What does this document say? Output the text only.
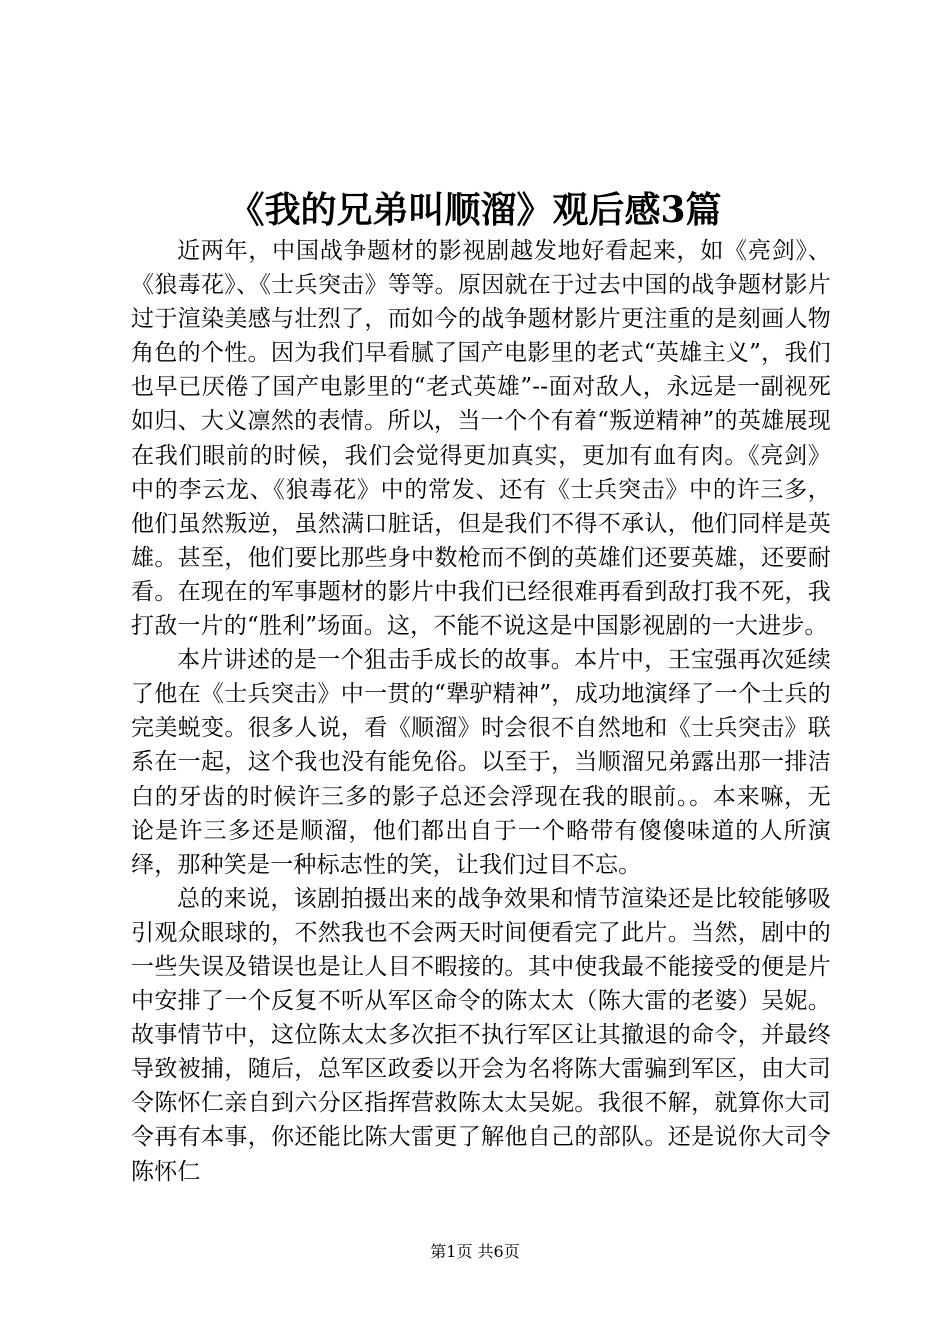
《我的兄弟叫顺溜》观后感3篇

近两年，中国战争题材的影视剧越发地好看起来，如《亮剑》、《狼毒花》、《士兵突击》等等。原因就在于过去中国的战争题材影片过于渲染美感与壮烈了，而如今的战争题材影片更注重的是刻画人物角色的个性。因为我们早看腻了国产电影里的老式“英雄主义”，我们也早已厌倦了国产电影里的“老式英雄”--面对敌人，永远是一副视死如归、大义凛然的表情。所以，当一个个有着“叛逆精神”的英雄展现在我们眼前的时候，我们会觉得更加真实，更加有血有肉。《亮剑》中的李云龙、《狼毒花》中的常发、还有《士兵突击》中的许三多，他们虽然叛逆，虽然满口脏话，但是我们不得不承认，他们同样是英雄。甚至，他们要比那些身中数枪而不倒的英雄们还要英雄，还要耐看。在现在的军事题材的影片中我们已经很难再看到敌打我不死，我打敌一片的“胜利”场面。这，不能不说这是中国影视剧的一大进步。

本片讲述的是一个狙击手成长的故事。本片中，王宝强再次延续了他在《士兵突击》中一贯的“犟驴精神”，成功地演绎了一个士兵的完美蜕变。很多人说，看《顺溜》时会很不自然地和《士兵突击》联系在一起，这个我也没有能免俗。以至于，当顺溜兄弟露出那一排洁白的牙齿的时候许三多的影子总还会浮现在我的眼前。。本来嘛，无论是许三多还是顺溜，他们都出自于一个略带有傻傻味道的人所演绎，那种笑是一种标志性的笑，让我们过目不忘。

总的来说，该剧拍摄出来的战争效果和情节渲染还是比较能够吸引观众眼球的，不然我也不会两天时间便看完了此片。当然，剧中的一些失误及错误也是让人目不暇接的。其中使我最不能接受的便是片中安排了一个反复不听从军区命令的陈太太（陈大雷的老婆）吴妮。故事情节中，这位陈太太多次拒不执行军区让其撤退的命令，并最终导致被捕，随后，总军区政委以开会为名将陈大雷骗到军区，由大司令陈怀仁亲自到六分区指挥营救陈太太吴妮。我很不解，就算你大司令再有本事，你还能比陈大雷更了解他自己的部队。还是说你大司令陈怀仁

第1页 共6页
